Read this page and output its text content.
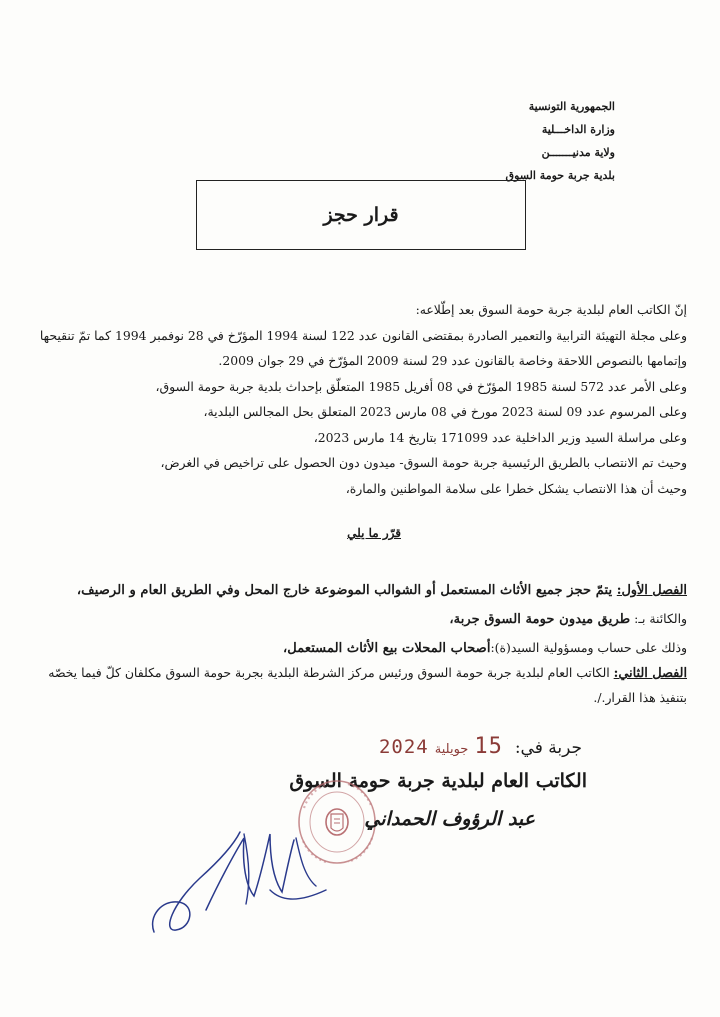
الجمهورية التونسية
وزارة الداخـــلية
ولاية مدنيـــــــن
بلدية جربة حومة السوق
قرار حجز
إنّ الكاتب العام لبلدية جربة حومة السوق بعد إطّلاعه:
وعلى مجلة التهيئة الترابية والتعمير الصادرة بمقتضى القانون عدد 122 لسنة 1994 المؤرّخ في 28 نوفمبر 1994 كما تمّ تنقيحها
وإتمامها بالنصوص اللاحقة وخاصة بالقانون عدد 29 لسنة 2009 المؤرّخ في 29 جوان 2009.
وعلى الأمر عدد 572 لسنة 1985 المؤرّخ في 08 أفريل 1985 المتعلّق بإحداث بلدية جربة حومة السوق،
وعلى المرسوم عدد 09 لسنة 2023 مورخ في 08 مارس 2023 المتعلق بحل المجالس البلدية،
وعلى مراسلة السيد وزير الداخلية عدد 171099 بتاريخ 14 مارس 2023،
وحيث تم الانتصاب بالطريق الرئيسية جربة حومة السوق- ميدون دون الحصول على تراخيص في الغرض،
وحيث أن هذا الانتصاب يشكل خطرا على سلامة المواطنين والمارة،
قرّر ما يلي
الفصل الأول: يتمّ حجز جميع الأثاث المستعمل أو الشوالب الموضوعة خارج المحل وفي الطريق العام و الرصيف،
والكائنة بـ: طريق ميدون حومة السوق جربة،
وذلك على حساب ومسؤولية السيد(ة):أصحاب المحلات بيع الأثاث المستعمل،
الفصل الثاني: الكاتب العام لبلدية جربة حومة السوق ورئيس مركز الشرطة البلدية بجربة حومة السوق مكلفان كلّ فيما يخصّه
بتنفيذ هذا القرار./.
جربة في:
15
جويلية
2024
الكاتب العام لبلدية جربة حومة السوق
عبد الرؤوف الحمداني
